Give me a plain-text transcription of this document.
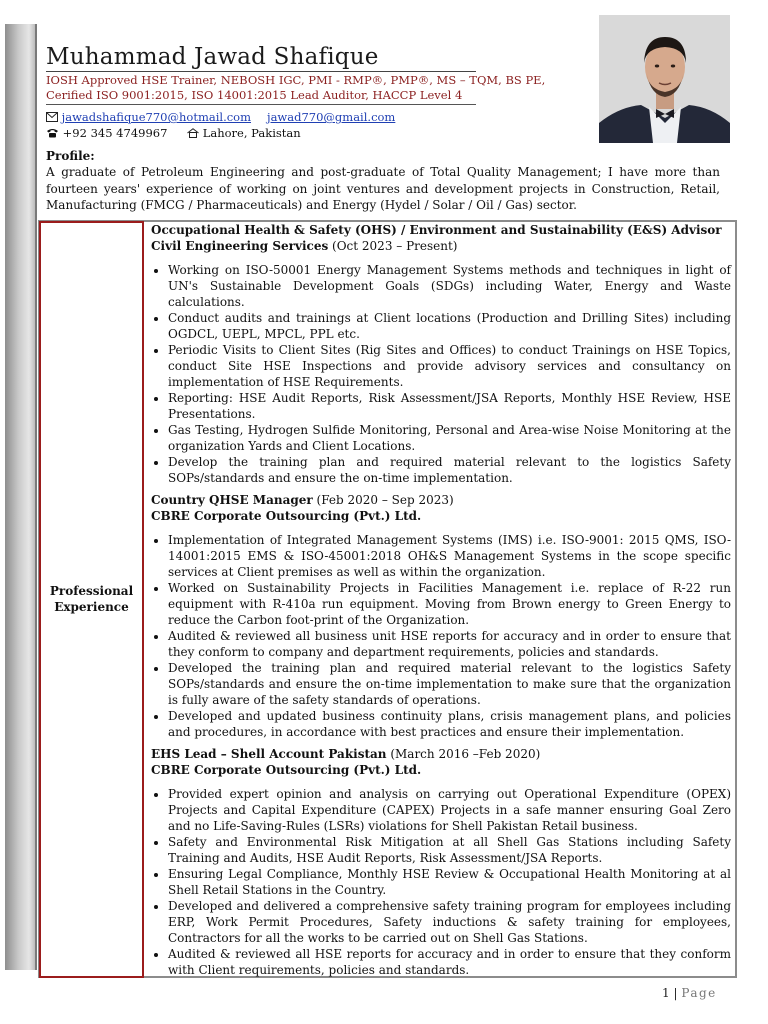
Muhammad Jawad Shafique
IOSH Approved HSE Trainer, NEBOSH IGC, PMI - RMP®, PMP®, MS – TQM, BS PE,
Cerified ISO 9001:2015, ISO 14001:2015 Lead Auditor, HACCP Level 4
jawadshafique770@hotmail.com jawad770@gmail.com
+92 345 4749967	Lahore, Pakistan
Profile:
A graduate of Petroleum Engineering and post-graduate of Total Quality Management; I have more than fourteen years' experience of working on joint ventures and development projects in Construction, Retail, Manufacturing (FMCG / Pharmaceuticals) and Energy (Hydel / Solar / Oil / Gas) sector.
Professional
Experience
Occupational Health & Safety (OHS) / Environment and Sustainability (E&S) Advisor
Civil Engineering Services (Oct 2023 – Present)
• Working on ISO-50001 Energy Management Systems methods and techniques in light of UN's Sustainable Development Goals (SDGs) including Water, Energy and Waste calculations.
• Conduct audits and trainings at Client locations (Production and Drilling Sites) including OGDCL, UEPL, MPCL, PPL etc.
• Periodic Visits to Client Sites (Rig Sites and Offices) to conduct Trainings on HSE Topics, conduct Site HSE Inspections and provide advisory services and consultancy on implementation of HSE Requirements.
• Reporting: HSE Audit Reports, Risk Assessment/JSA Reports, Monthly HSE Review, HSE Presentations.
• Gas Testing, Hydrogen Sulfide Monitoring, Personal and Area-wise Noise Monitoring at the organization Yards and Client Locations.
• Develop the training plan and required material relevant to the logistics Safety SOPs/standards and ensure the on-time implementation.
Country QHSE Manager (Feb 2020 – Sep 2023)
CBRE Corporate Outsourcing (Pvt.) Ltd.
• Implementation of Integrated Management Systems (IMS) i.e. ISO-9001: 2015 QMS, ISO-14001:2015 EMS & ISO-45001:2018 OH&S Management Systems in the scope specific services at Client premises as well as within the organization.
• Worked on Sustainability Projects in Facilities Management i.e. replace of R-22 run equipment with R-410a run equipment. Moving from Brown energy to Green Energy to reduce the Carbon foot-print of the Organization.
• Audited & reviewed all business unit HSE reports for accuracy and in order to ensure that they conform to company and department requirements, policies and standards.
• Developed the training plan and required material relevant to the logistics Safety SOPs/standards and ensure the on-time implementation to make sure that the organization is fully aware of the safety standards of operations.
• Developed and updated business continuity plans, crisis management plans, and policies and procedures, in accordance with best practices and ensure their implementation.
EHS Lead – Shell Account Pakistan (March 2016 –Feb 2020)
CBRE Corporate Outsourcing (Pvt.) Ltd.
• Provided expert opinion and analysis on carrying out Operational Expenditure (OPEX) Projects and Capital Expenditure (CAPEX) Projects in a safe manner ensuring Goal Zero and no Life-Saving-Rules (LSRs) violations for Shell Pakistan Retail business.
• Safety and Environmental Risk Mitigation at all Shell Gas Stations including Safety Training and Audits, HSE Audit Reports, Risk Assessment/JSA Reports.
• Ensuring Legal Compliance, Monthly HSE Review & Occupational Health Monitoring at al Shell Retail Stations in the Country.
• Developed and delivered a comprehensive safety training program for employees including ERP, Work Permit Procedures, Safety inductions & safety training for employees, Contractors for all the works to be carried out on Shell Gas Stations.
• Audited & reviewed all HSE reports for accuracy and in order to ensure that they conform with Client requirements, policies and standards.
1 | Page
